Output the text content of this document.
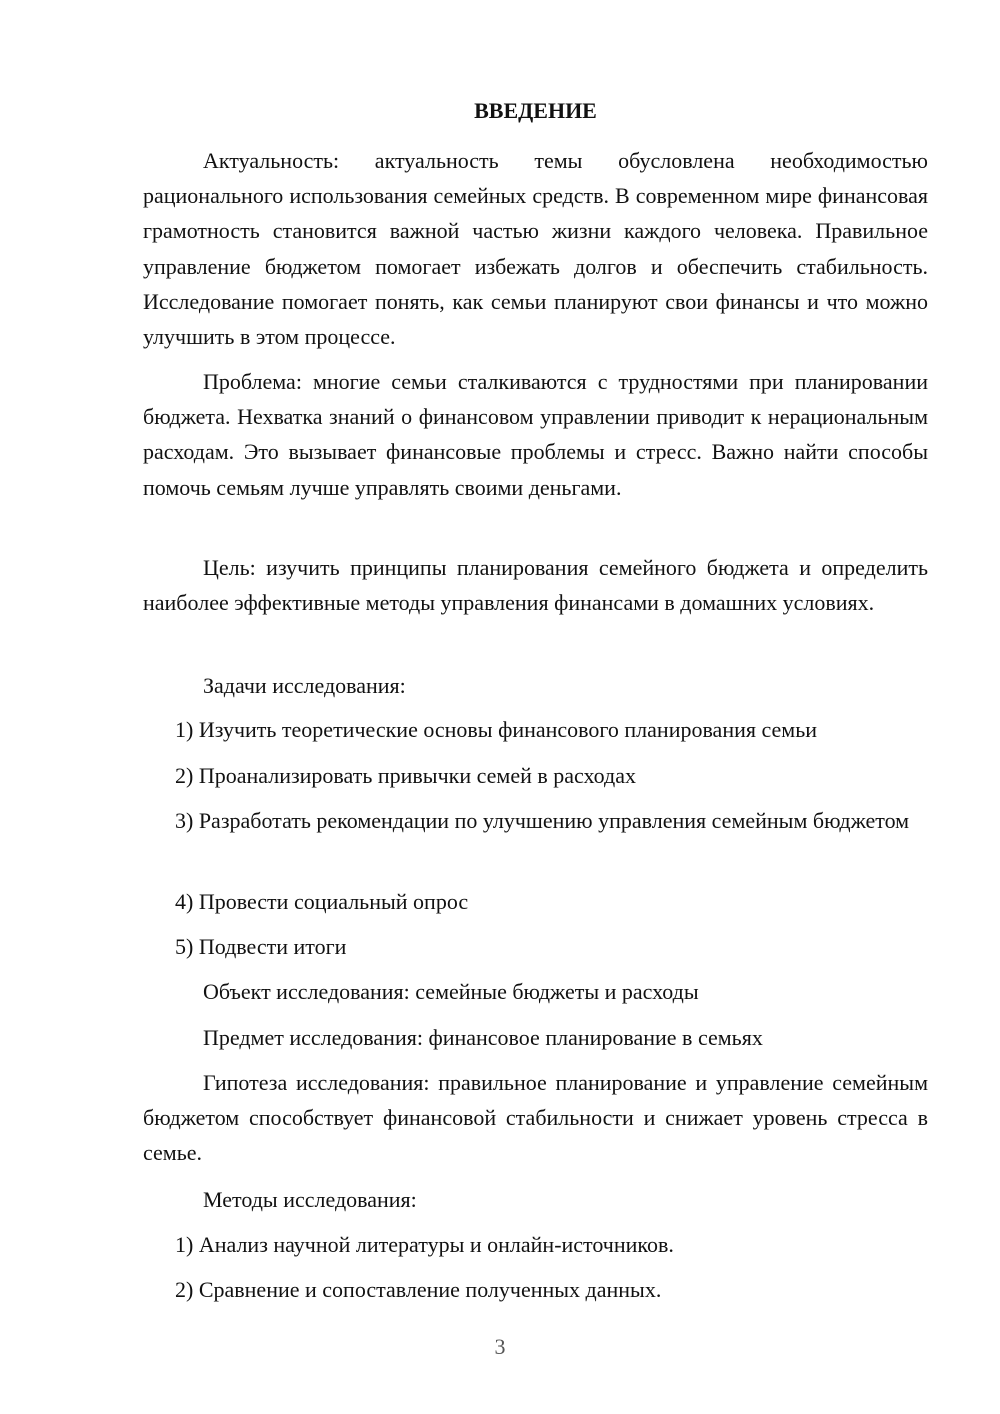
ВВЕДЕНИЕ

Актуальность: актуальность темы обусловлена необходимостью рационального использования семейных средств. В современном мире финансовая грамотность становится важной частью жизни каждого человека. Правильное управление бюджетом помогает избежать долгов и обеспечить стабильность. Исследование помогает понять, как семьи планируют свои финансы и что можно улучшить в этом процессе.

Проблема: многие семьи сталкиваются с трудностями при планировании бюджета. Нехватка знаний о финансовом управлении приводит к нерациональным расходам. Это вызывает финансовые проблемы и стресс. Важно найти способы помочь семьям лучше управлять своими деньгами.

Цель: изучить принципы планирования семейного бюджета и определить наиболее эффективные методы управления финансами в домашних условиях.

Задачи исследования:
1) Изучить теоретические основы финансового планирования семьи
2) Проанализировать привычки семей в расходах

3) Разработать рекомендации по улучшению управления семейным бюджетом

4) Провести социальный опрос
5) Подвести итоги
Объект исследования: семейные бюджеты и расходы
Предмет исследования: финансовое планирование в семьях

Гипотеза исследования: правильное планирование и управление семейным бюджетом способствует финансовой стабильности и снижает уровень стресса в семье.

Методы исследования:
1) Анализ научной литературы и онлайн-источников.
2) Сравнение и сопоставление полученных данных.
3
